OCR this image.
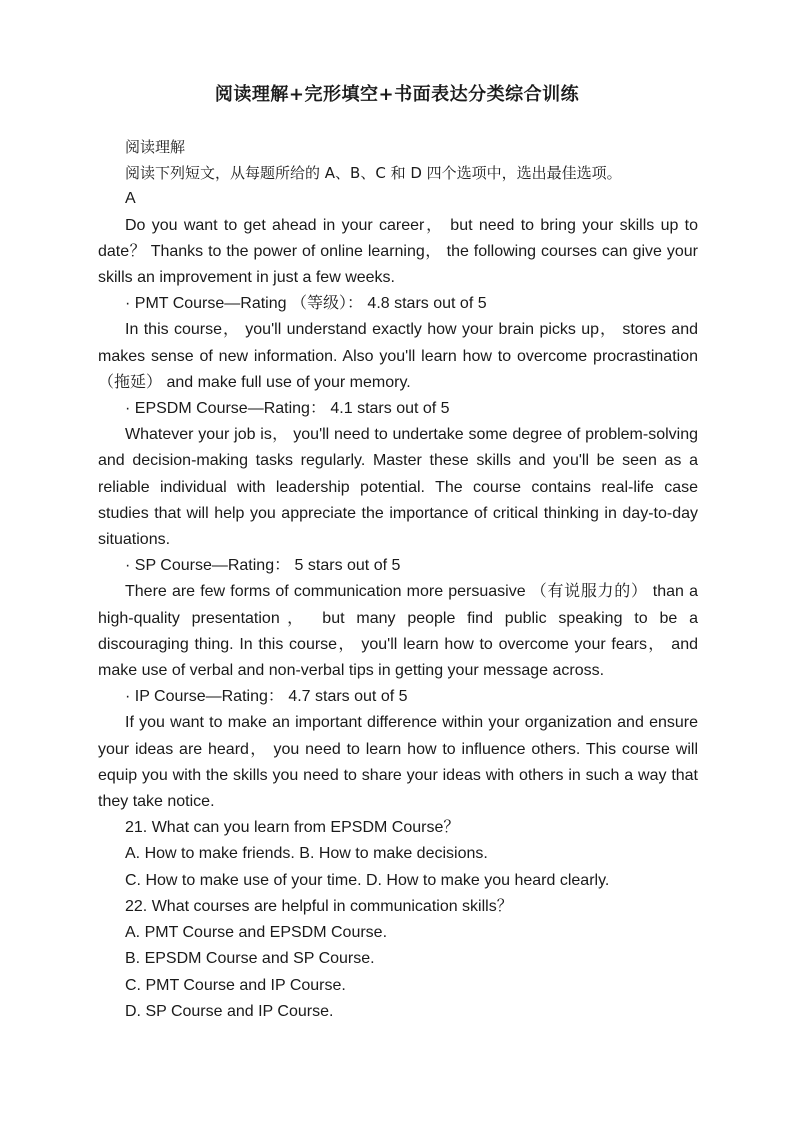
阅读理解+完形填空+书面表达分类综合训练

阅读理解

阅读下列短文，从每题所给的 A、B、C 和 D 四个选项中，选出最佳选项。

A

Do you want to get ahead in your career， but need to bring your skills up to date？ Thanks to the power of online learning， the following courses can give your skills an improvement in just a few weeks.

· PMT Course—Rating （等级）： 4.8 stars out of 5

In this course， you'll understand exactly how your brain picks up， stores and makes sense of new information. Also you'll learn how to overcome procrastination （拖延） and make full use of your memory.

· EPSDM Course—Rating： 4.1 stars out of 5

Whatever your job is， you'll need to undertake some degree of problem-solving and decision-making tasks regularly. Master these skills and you'll be seen as a reliable individual with leadership potential. The course contains real-life case studies that will help you appreciate the importance of critical thinking in day-to-day situations.

· SP Course—Rating： 5 stars out of 5

There are few forms of communication more persuasive （有说服力的） than a high-quality presentation， but many people find public speaking to be a discouraging thing. In this course， you'll learn how to overcome your fears， and make use of verbal and non-verbal tips in getting your message across.

· IP Course—Rating： 4.7 stars out of 5

If you want to make an important difference within your organization and ensure your ideas are heard， you need to learn how to influence others. This course will equip you with the skills you need to share your ideas with others in such a way that they take notice.

21. What can you learn from EPSDM Course？

A. How to make friends. B. How to make decisions.

C. How to make use of your time. D. How to make you heard clearly.

22. What courses are helpful in communication skills？

A. PMT Course and EPSDM Course.

B. EPSDM Course and SP Course.

C. PMT Course and IP Course.

D. SP Course and IP Course.
